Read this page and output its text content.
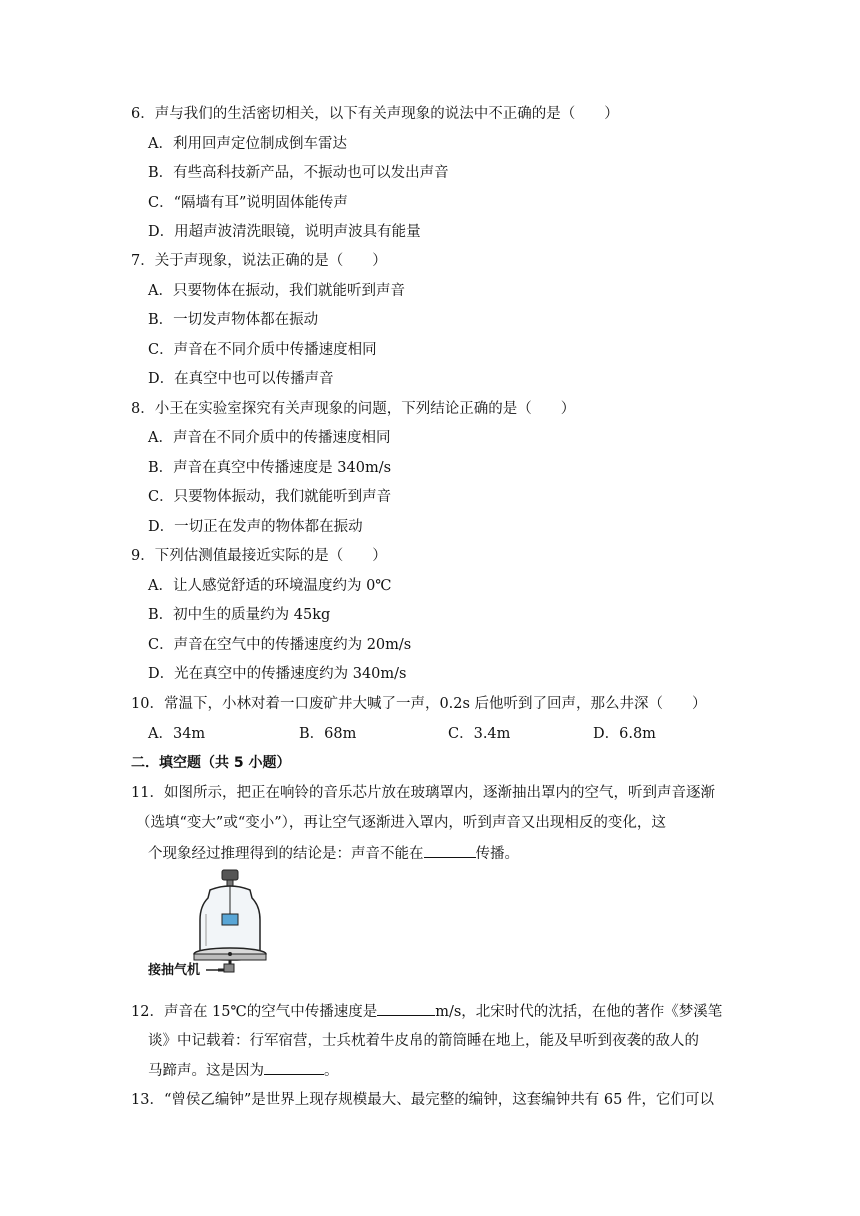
6．声与我们的生活密切相关，以下有关声现象的说法中不正确的是（　　）
A．利用回声定位制成倒车雷达
B．有些高科技新产品，不振动也可以发出声音
C．“隔墙有耳”说明固体能传声
D．用超声波清洗眼镜，说明声波具有能量
7．关于声现象，说法正确的是（　　）
A．只要物体在振动，我们就能听到声音
B．一切发声物体都在振动
C．声音在不同介质中传播速度相同
D．在真空中也可以传播声音
8．小王在实验室探究有关声现象的问题，下列结论正确的是（　　）
A．声音在不同介质中的传播速度相同
B．声音在真空中传播速度是 340m/s
C．只要物体振动，我们就能听到声音
D．一切正在发声的物体都在振动
9．下列估测值最接近实际的是（　　）
A．让人感觉舒适的环境温度约为 0℃
B．初中生的质量约为 45kg
C．声音在空气中的传播速度约为 20m/s
D．光在真空中的传播速度约为 340m/s
10．常温下，小林对着一口废矿井大喊了一声，0.2s 后他听到了回声，那么井深（　　）
A．34m	B．68m	C．3.4m	D．6.8m
二．填空题（共 5 小题）
11．如图所示，把正在响铃的音乐芯片放在玻璃罩内，逐渐抽出罩内的空气，听到声音逐渐
（选填“变大”或“变小”），再让空气逐渐进入罩内，听到声音又出现相反的变化，这
个现象经过推理得到的结论是：声音不能在	传播。
接抽气机
12．声音在 15℃的空气中传播速度是	m/s，北宋时代的沈括，在他的著作《梦溪笔
谈》中记载着：行军宿营，士兵枕着牛皮帛的箭筒睡在地上，能及早听到夜袭的敌人的
马蹄声。这是因为	。
13．“曾侯乙编钟”是世界上现存规模最大、最完整的编钟，这套编钟共有 65 件，它们可以
